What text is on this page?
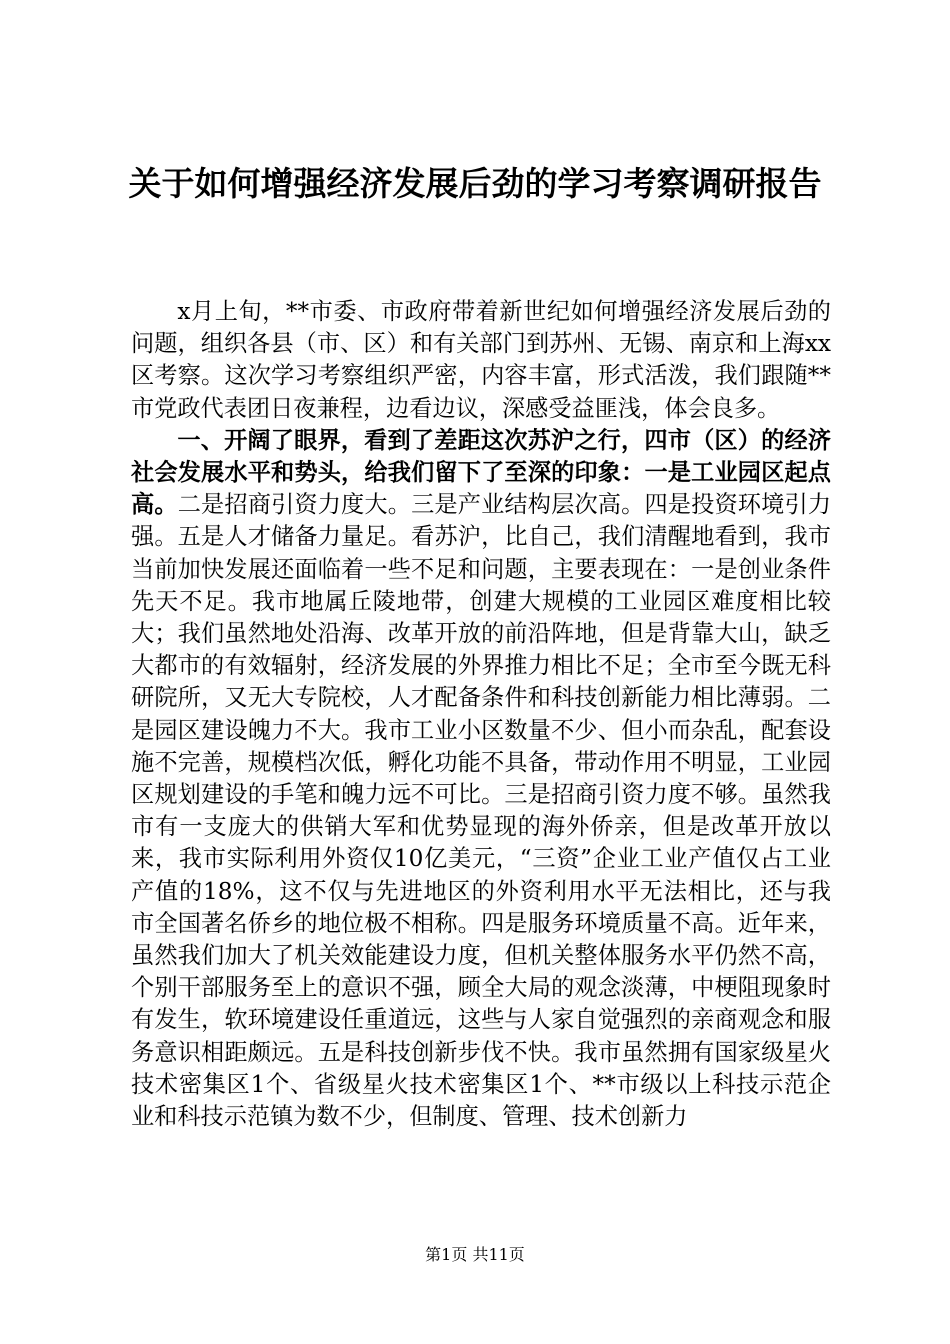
关于如何增强经济发展后劲的学习考察调研报告

x月上旬，**市委、市政府带着新世纪如何增强经济发展后劲的问题，组织各县（市、区）和有关部门到苏州、无锡、南京和上海xx区考察。这次学习考察组织严密，内容丰富，形式活泼，我们跟随**市党政代表团日夜兼程，边看边议，深感受益匪浅，体会良多。

一、开阔了眼界，看到了差距这次苏沪之行，四市（区）的经济社会发展水平和势头，给我们留下了至深的印象：一是工业园区起点高。二是招商引资力度大。三是产业结构层次高。四是投资环境引力强。五是人才储备力量足。看苏沪，比自己，我们清醒地看到，我市当前加快发展还面临着一些不足和问题，主要表现在：一是创业条件先天不足。我市地属丘陵地带，创建大规模的工业园区难度相比较大；我们虽然地处沿海、改革开放的前沿阵地，但是背靠大山，缺乏大都市的有效辐射，经济发展的外界推力相比不足；全市至今既无科研院所，又无大专院校，人才配备条件和科技创新能力相比薄弱。二是园区建设魄力不大。我市工业小区数量不少、但小而杂乱，配套设施不完善，规模档次低，孵化功能不具备，带动作用不明显，工业园区规划建设的手笔和魄力远不可比。三是招商引资力度不够。虽然我市有一支庞大的供销大军和优势显现的海外侨亲，但是改革开放以来，我市实际利用外资仅10亿美元，“三资”企业工业产值仅占工业产值的18%，这不仅与先进地区的外资利用水平无法相比，还与我市全国著名侨乡的地位极不相称。四是服务环境质量不高。近年来，虽然我们加大了机关效能建设力度，但机关整体服务水平仍然不高，个别干部服务至上的意识不强，顾全大局的观念淡薄，中梗阻现象时有发生，软环境建设任重道远，这些与人家自觉强烈的亲商观念和服务意识相距颇远。五是科技创新步伐不快。我市虽然拥有国家级星火技术密集区1个、省级星火技术密集区1个、**市级以上科技示范企业和科技示范镇为数不少，但制度、管理、技术创新力

第1页 共11页
